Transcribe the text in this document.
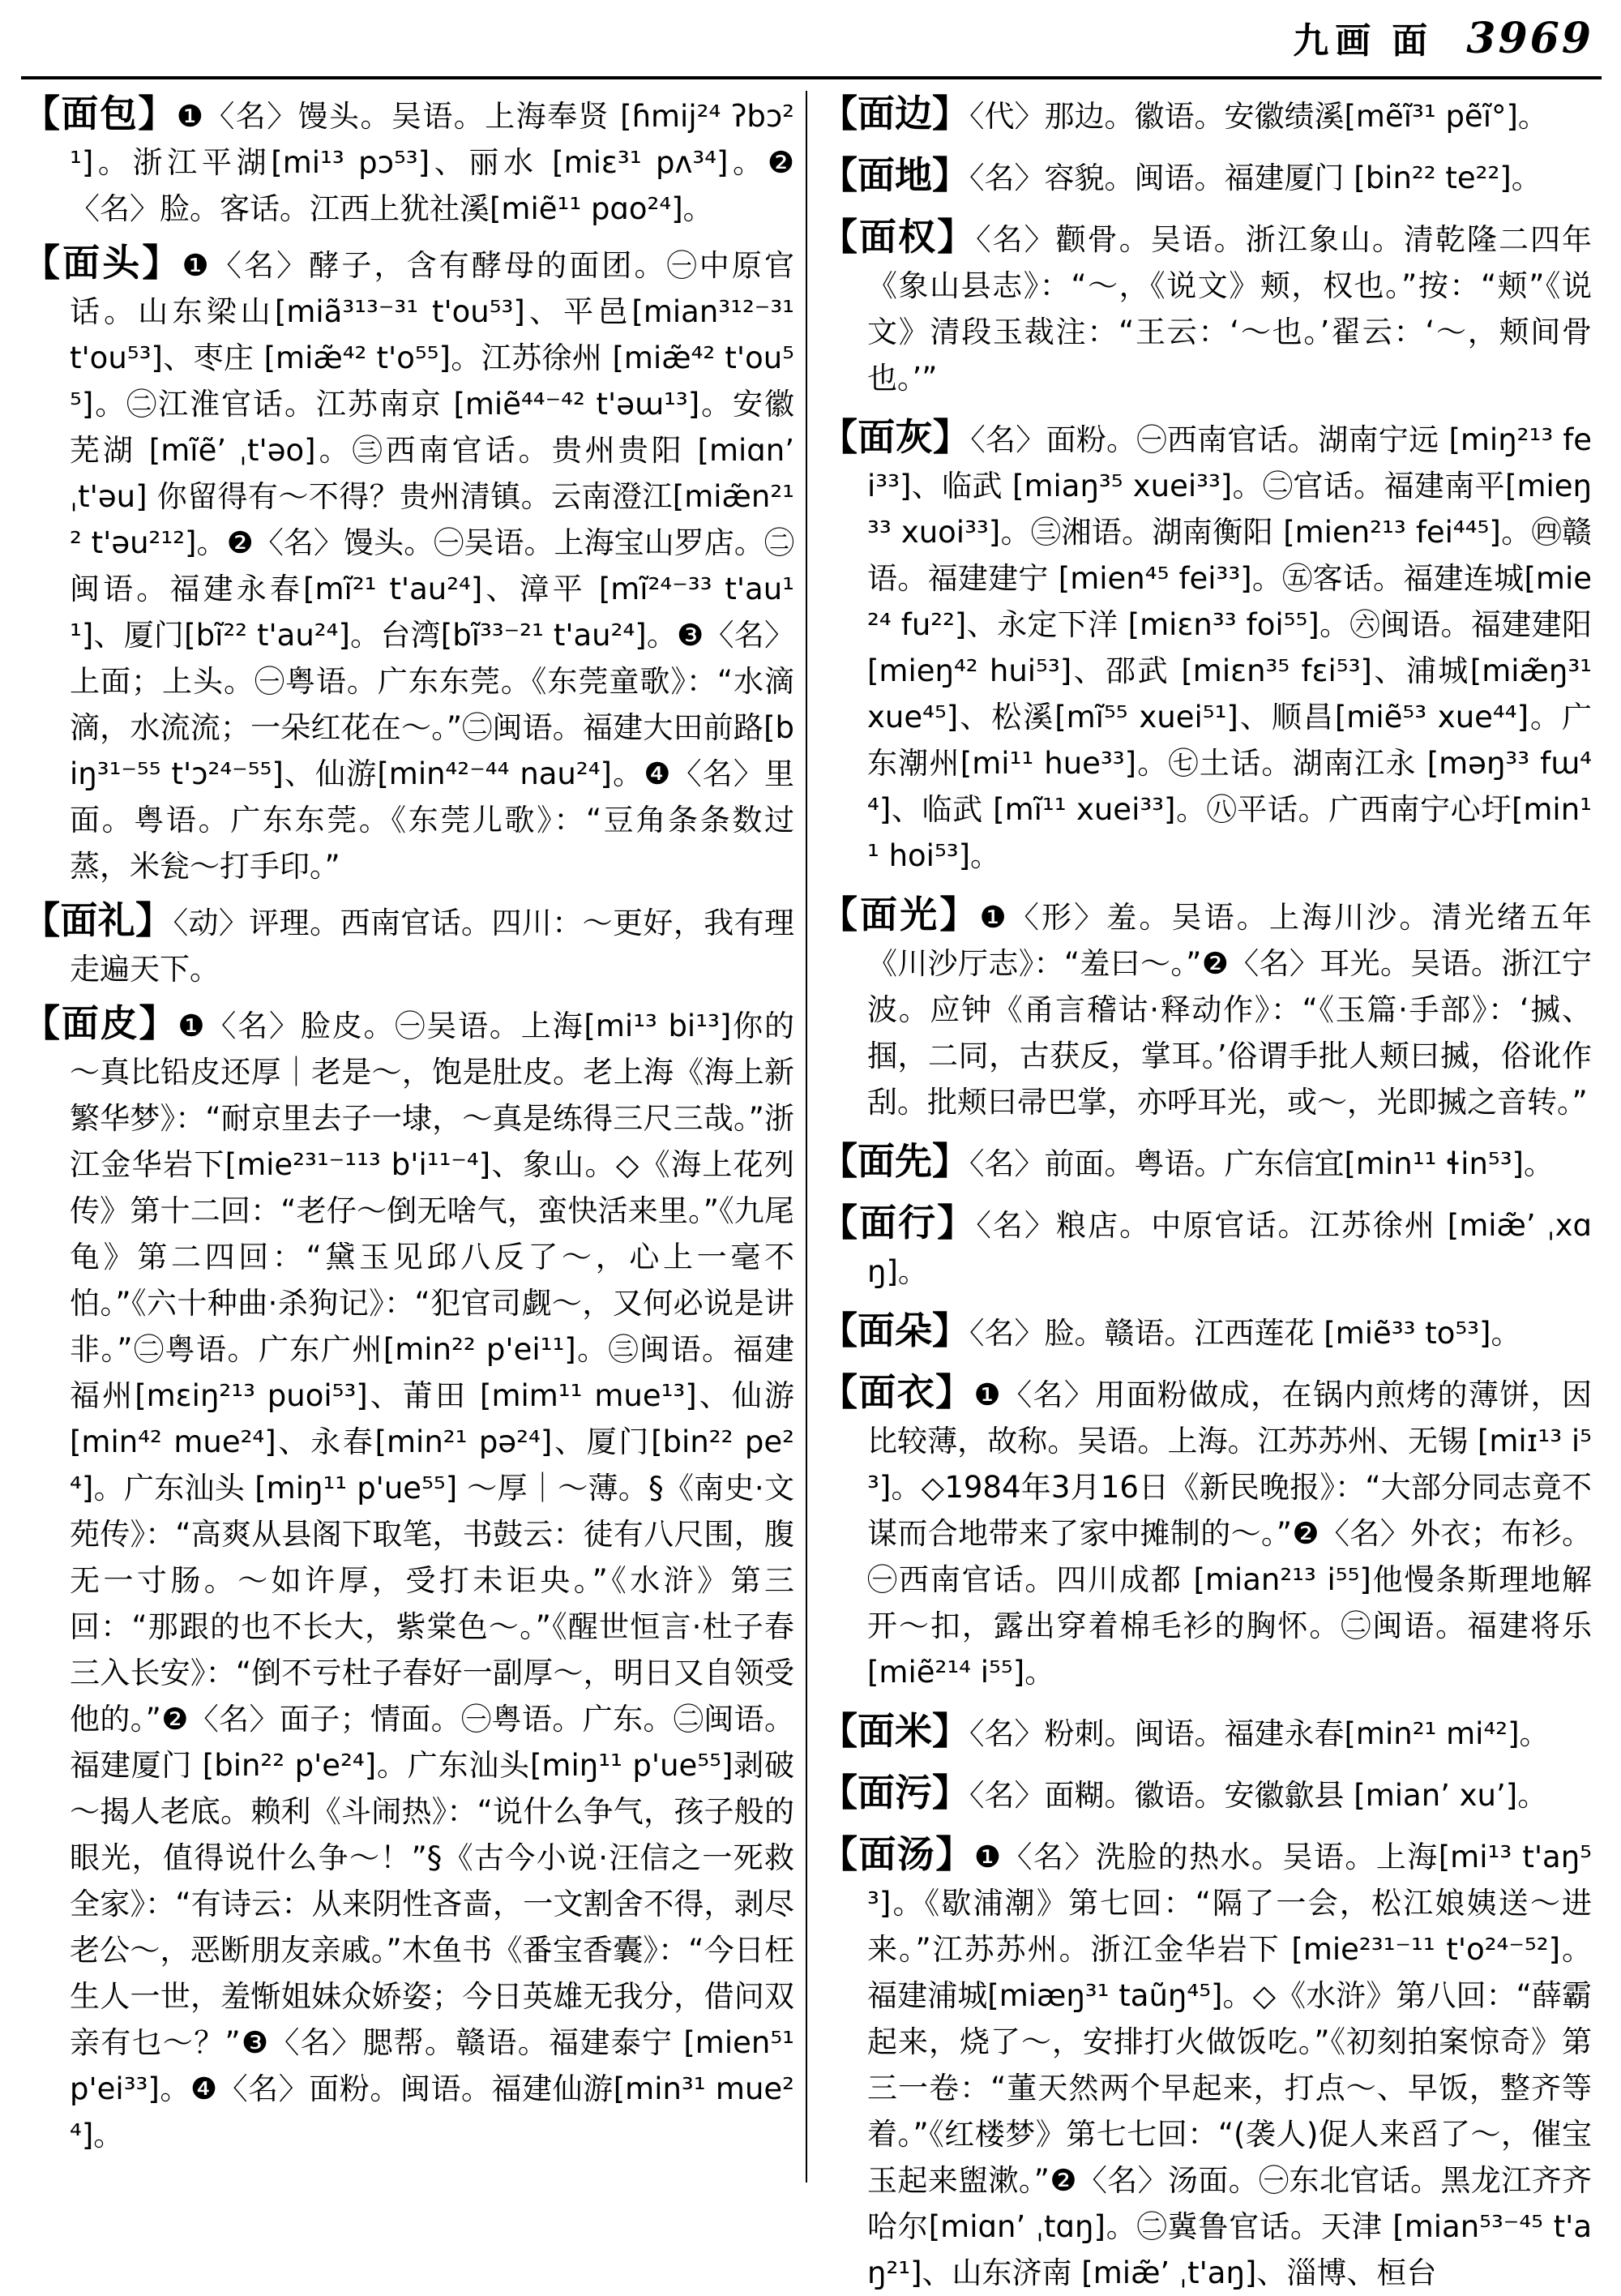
九画 面 3969

【面包】❶〈名〉馒头。吴语。上海奉贤 [ɦmij²⁴ ʔbɔ²¹]。浙江平湖[mi¹³ pɔ⁵³]、丽水 [miɛ³¹ pʌ³⁴]。❷〈名〉脸。客话。江西上犹社溪[miẽ¹¹ pɑo²⁴]。

【面头】❶〈名〉酵子，含有酵母的面团。㊀中原官话。山东梁山[miã³¹³⁻³¹ t'ou⁵³]、平邑[mian³¹²⁻³¹ t'ou⁵³]、枣庄 [miæ̃⁴² t'o⁵⁵]。江苏徐州 [miæ̃⁴² t'ou⁵⁵]。㊁江淮官话。江苏南京 [miẽ⁴⁴⁻⁴² t'əɯ¹³]。安徽芜湖 [mĩẽʼ ˌt'əo]。㊂西南官话。贵州贵阳 [miɑnʼ ˌt'əu] 你留得有～不得？贵州清镇。云南澄江[miæ̃n²¹² t'əu²¹²]。❷〈名〉馒头。㊀吴语。上海宝山罗店。㊁闽语。福建永春[mĩ²¹ t'au²⁴]、漳平 [mĩ²⁴⁻³³ t'au¹¹]、厦门[bĩ²² t'au²⁴]。台湾[bĩ³³⁻²¹ t'au²⁴]。❸〈名〉上面；上头。㊀粤语。广东东莞。《东莞童歌》：“水滴滴，水流流；一朵红花在～。”㊁闽语。福建大田前路[biŋ³¹⁻⁵⁵ t'ɔ²⁴⁻⁵⁵]、仙游[min⁴²⁻⁴⁴ nau²⁴]。❹〈名〉里面。粤语。广东东莞。《东莞儿歌》：“豆角条条数过蒸，米瓮～打手印。”

【面礼】〈动〉评理。西南官话。四川：～更好，我有理走遍天下。

【面皮】❶〈名〉脸皮。㊀吴语。上海[mi¹³ bi¹³]你的～真比铅皮还厚｜老是～，饱是肚皮。老上海《海上新繁华梦》：“耐京里去子一埭，～真是练得三尺三哉。”浙江金华岩下[mie²³¹⁻¹¹³ b'i¹¹⁻⁴]、象山。◇《海上花列传》第十二回：“老仔～倒无啥气，蛮快活来里。”《九尾龟》第二四回：“黛玉见邱八反了～，心上一毫不怕。”《六十种曲·杀狗记》：“犯官司觑～，又何必说是讲非。”㊁粤语。广东广州[min²² p'ei¹¹]。㊂闽语。福建福州[mɛiŋ²¹³ puoi⁵³]、莆田 [mim¹¹ mue¹³]、仙游[min⁴² mue²⁴]、永春[min²¹ pə²⁴]、厦门[bin²² pe²⁴]。广东汕头 [miŋ¹¹ p'ue⁵⁵] ～厚｜～薄。§《南史·文苑传》：“高爽从县阁下取笔，书鼓云：徒有八尺围，腹无一寸肠。～如许厚，受打未讵央。”《水浒》第三回：“那跟的也不长大，紫棠色～。”《醒世恒言·杜子春三入长安》：“倒不亏杜子春好一副厚～，明日又自领受他的。”❷〈名〉面子；情面。㊀粤语。广东。㊁闽语。福建厦门 [bin²² p'e²⁴]。广东汕头[miŋ¹¹ p'ue⁵⁵]剥破～揭人老底。赖利《斗闹热》：“说什么争气，孩子般的眼光，值得说什么争～！”§《古今小说·汪信之一死救全家》：“有诗云：从来阴性吝啬，一文割舍不得，剥尽老公～，恶断朋友亲戚。”木鱼书《番宝香囊》：“今日枉生人一世，羞惭姐妹众娇姿；今日英雄无我分，借问双亲有乜～？”❸〈名〉腮帮。赣语。福建泰宁 [mien⁵¹ p'ei³³]。❹〈名〉面粉。闽语。福建仙游[min³¹ mue²⁴]。

【面边】〈代〉那边。徽语。安徽绩溪[mẽĩ³¹ pẽĩ°]。

【面地】〈名〉容貌。闽语。福建厦门 [bin²² te²²]。

【面权】〈名〉颧骨。吴语。浙江象山。清乾隆二四年《象山县志》：“～，《说文》颊，权也。”按：“颊”《说文》清段玉裁注：“王云：‘～也。’翟云：‘～，颊间骨也。’”

【面灰】〈名〉面粉。㊀西南官话。湖南宁远 [miŋ²¹³ fei³³]、临武 [miaŋ³⁵ xuei³³]。㊁官话。福建南平[mieŋ³³ xuoi³³]。㊂湘语。湖南衡阳 [mien²¹³ fei⁴⁴⁵]。㊃赣语。福建建宁 [mien⁴⁵ fei³³]。㊄客话。福建连城[mie²⁴ fu²²]、永定下洋 [miɛn³³ foi⁵⁵]。㊅闽语。福建建阳[mieŋ⁴² hui⁵³]、邵武 [miɛn³⁵ fɛi⁵³]、浦城[miæ̃ŋ³¹ xue⁴⁵]、松溪[mĩ⁵⁵ xuei⁵¹]、顺昌[miẽ⁵³ xue⁴⁴]。广东潮州[mi¹¹ hue³³]。㊆土话。湖南江永 [məŋ³³ fɯ⁴⁴]、临武 [mĩ¹¹ xuei³³]。㊇平话。广西南宁心圩[min¹¹ hoi⁵³]。

【面光】❶〈形〉羞。吴语。上海川沙。清光绪五年《川沙厅志》：“羞曰～。”❷〈名〉耳光。吴语。浙江宁波。应钟《甬言稽诂·释动作》：“《玉篇·手部》：‘搣、掴，二同，古获反，掌耳。’俗谓手批人颊曰搣，俗讹作刮。批颊曰帚巴掌，亦呼耳光，或～，光即搣之音转。”

【面先】〈名〉前面。粤语。广东信宜[min¹¹ ɬin⁵³]。

【面行】〈名〉粮店。中原官话。江苏徐州 [miæ̃ʼ ˌxɑŋ]。

【面朵】〈名〉脸。赣语。江西莲花 [miẽ³³ to⁵³]。

【面衣】❶〈名〉用面粉做成，在锅内煎烤的薄饼，因比较薄，故称。吴语。上海。江苏苏州、无锡 [miɪ¹³ i⁵³]。◇1984年3月16日《新民晚报》：“大部分同志竟不谋而合地带来了家中摊制的～。”❷〈名〉外衣；布衫。㊀西南官话。四川成都 [mian²¹³ i⁵⁵]他慢条斯理地解开～扣，露出穿着棉毛衫的胸怀。㊁闽语。福建将乐[miẽ²¹⁴ i⁵⁵]。

【面米】〈名〉粉刺。闽语。福建永春[min²¹ mi⁴²]。

【面污】〈名〉面糊。徽语。安徽歙县 [mianʼ xuʼ]。

【面汤】❶〈名〉洗脸的热水。吴语。上海[mi¹³ t'aŋ⁵³]。《歇浦潮》第七回：“隔了一会，松江娘姨送～进来。”江苏苏州。浙江金华岩下 [mie²³¹⁻¹¹ t'o²⁴⁻⁵²]。福建浦城[miæŋ³¹ taũŋ⁴⁵]。◇《水浒》第八回：“薛霸起来，烧了～，安排打火做饭吃。”《初刻拍案惊奇》第三一卷：“董天然两个早起来，打点～、早饭，整齐等着。”《红楼梦》第七七回：“(袭人)促人来舀了～，催宝玉起来盥漱。”❷〈名〉汤面。㊀东北官话。黑龙江齐齐哈尔[miɑnʼ ˌtɑŋ]。㊁冀鲁官话。天津 [mian⁵³⁻⁴⁵ t'aŋ²¹]、山东济南 [miæ̃ʼ ˌt'aŋ]、淄博、桓台
